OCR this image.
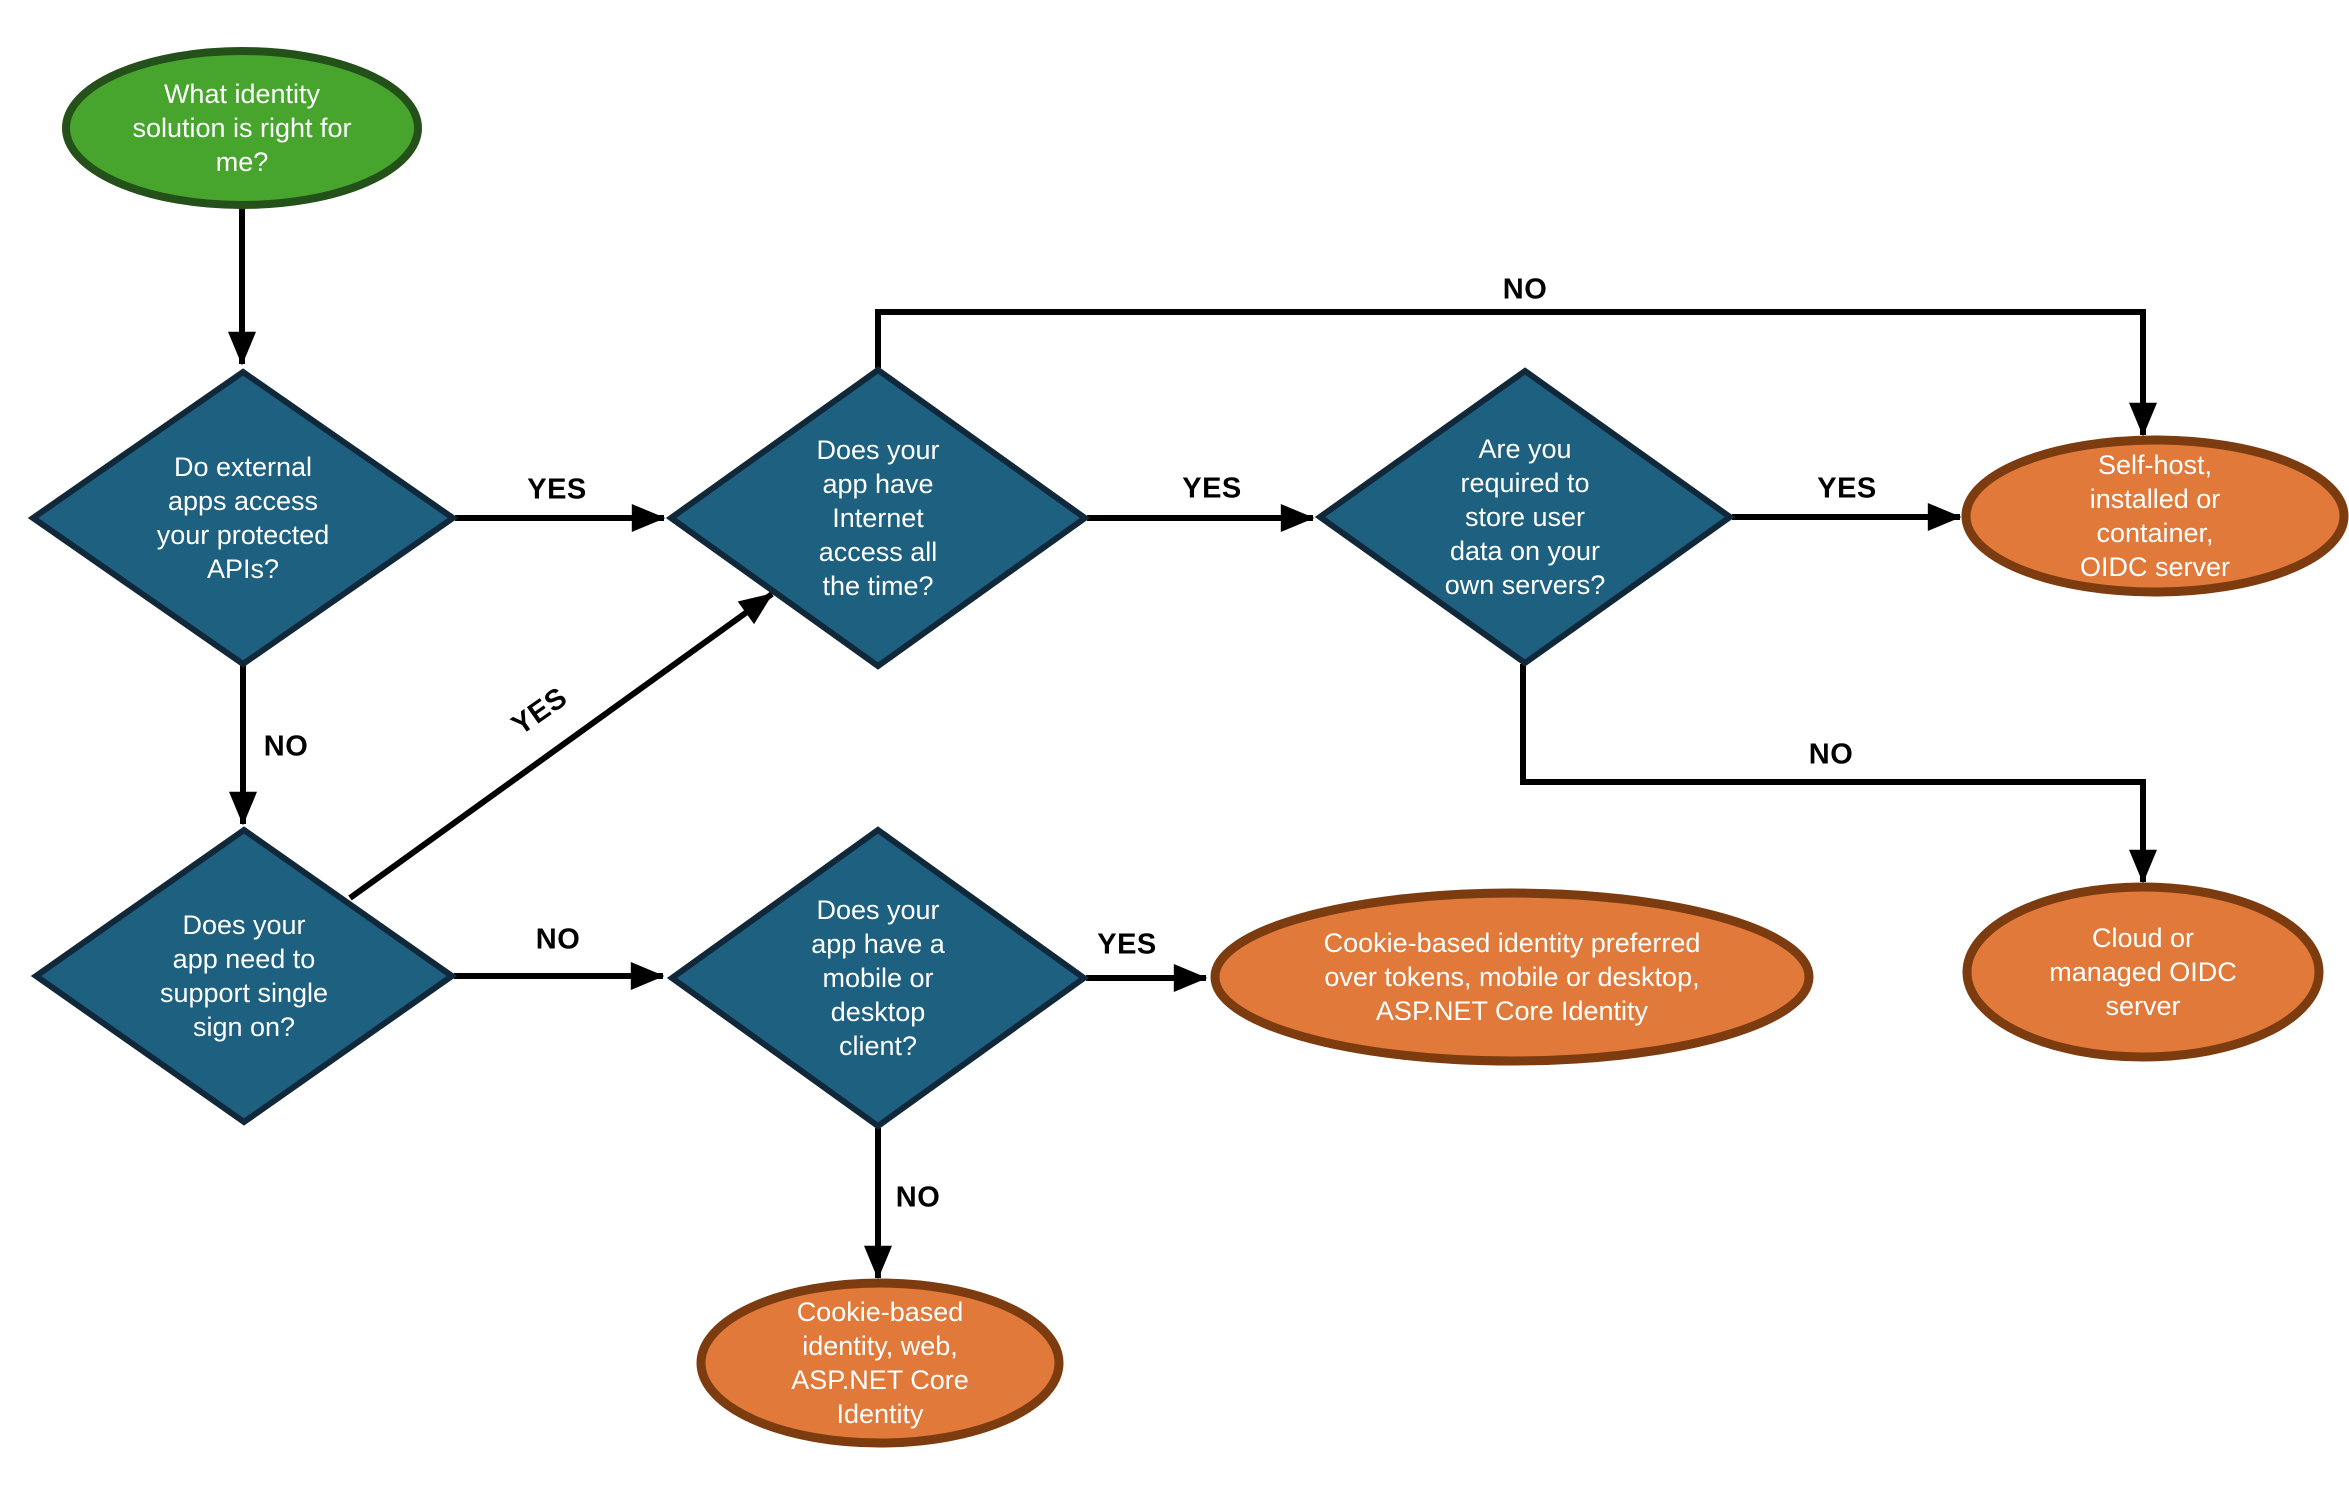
What identity solution is right for me?
Do external apps access your protected APIs?
Does your app have Internet access all the time?
Are you required to store user data on your own servers?
Does your app need to support single sign on?
Does your app have a mobile or desktop client?
Self-host, installed or container, OIDC server
Cloud or managed OIDC server
Cookie-based identity preferred over tokens, mobile or desktop, ASP.NET Core Identity
Cookie-based identity, web, ASP.NET Core Identity
YES
NO
YES
NO
YES
NO
YES
NO	YES
NO
